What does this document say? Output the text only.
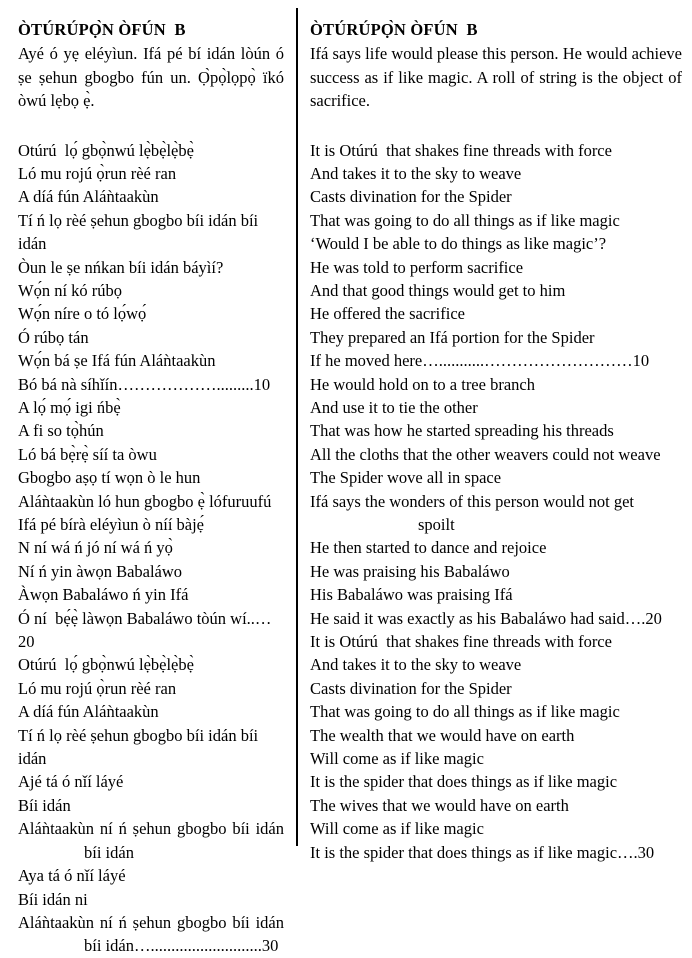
ÒTÚRÚPỌ̀N ÒFÚN  B
Ayé ó yẹ eléyìun. Ifá pé bí idán lòún ó ṣe ṣehun gbogbo fún un. Ọ̀pọ̀lọpọ̀ ïkó òwú lẹbọ ẹ̀.
Otúrú  lọ́ gbọ̀nwú lẹ̀bẹ̀lẹ̀bẹ̀
Ló mu rojú ọ̀run rèé ran
A díá fún Aláǹtaakùn
Tí ń lọ rèé ṣehun gbogbo bíi idán bíi idán
Òun le ṣe nńkan bíi idán báyìí?
Wọ́n ní kó rúbọ
Wọ́n níre o tó lọ́wọ́
Ó rúbọ tán
Wọ́n bá ṣe Ifá fún Aláǹtaakùn
Bó bá nà síhǐín……………….........10
A lọ́ mọ́ igi ńbẹ̀
A fi so tọ̀hún
Ló bá bẹ̀rẹ̀ síí ta òwu
Gbogbo aṣọ tí wọn ò le hun
Aláǹtaakùn ló hun gbogbo ẹ̀ lófuruufú
Ifá pé bírà eléyìun ò níí bàjẹ́
N ní wá ń jó ní wá ń yọ̀
Ní ń yin àwọn Babaláwo
Àwọn Babaláwo ń yin Ifá
Ó ní  bẹ́ẹ̀ làwọn Babaláwo tòún wí..…20
Otúrú  lọ́ gbọ̀nwú lẹ̀bẹ̀lẹ̀bẹ̀
Ló mu rojú ọ̀run rèé ran
A díá fún Aláǹtaakùn
Tí ń lọ rèé ṣehun gbogbo bíi idán bíi idán
Ajé tá ó nǐí láyé
Bíi idán
Aláǹtaakùn ní ń ṣehun gbogbo bíi idán
bíi idán
Aya tá ó nǐí láyé
Bíi idán ni
Aláǹtaakùn ní ń ṣehun gbogbo bíi idán
bíi idán…...........................30
ÒTÚRÚPỌ̀N ÒFÚN  B
Ifá says life would please this person. He would achieve success as if like magic. A roll of string is the object of sacrifice.
It is Otúrú  that shakes fine threads with force
And takes it to the sky to weave
Casts divination for the Spider
That was going to do all things as if like magic
‘Would I be able to do things as like magic’?
He was told to perform sacrifice
And that good things would get to him
He offered the sacrifice
They prepared an Ifá portion for the Spider
If he moved here…...........………………………10
He would hold on to a tree branch
And use it to tie the other
That was how he started spreading his threads
All the cloths that the other weavers could not weave
The Spider wove all in space
Ifá says the wonders of this person would not get
spoilt
He then started to dance and rejoice
He was praising his Babaláwo
His Babaláwo was praising Ifá
He said it was exactly as his Babaláwo had said….20
It is Otúrú  that shakes fine threads with force
And takes it to the sky to weave
Casts divination for the Spider
That was going to do all things as if like magic
The wealth that we would have on earth
Will come as if like magic
It is the spider that does things as if like magic
The wives that we would have on earth
Will come as if like magic
It is the spider that does things as if like magic….30
